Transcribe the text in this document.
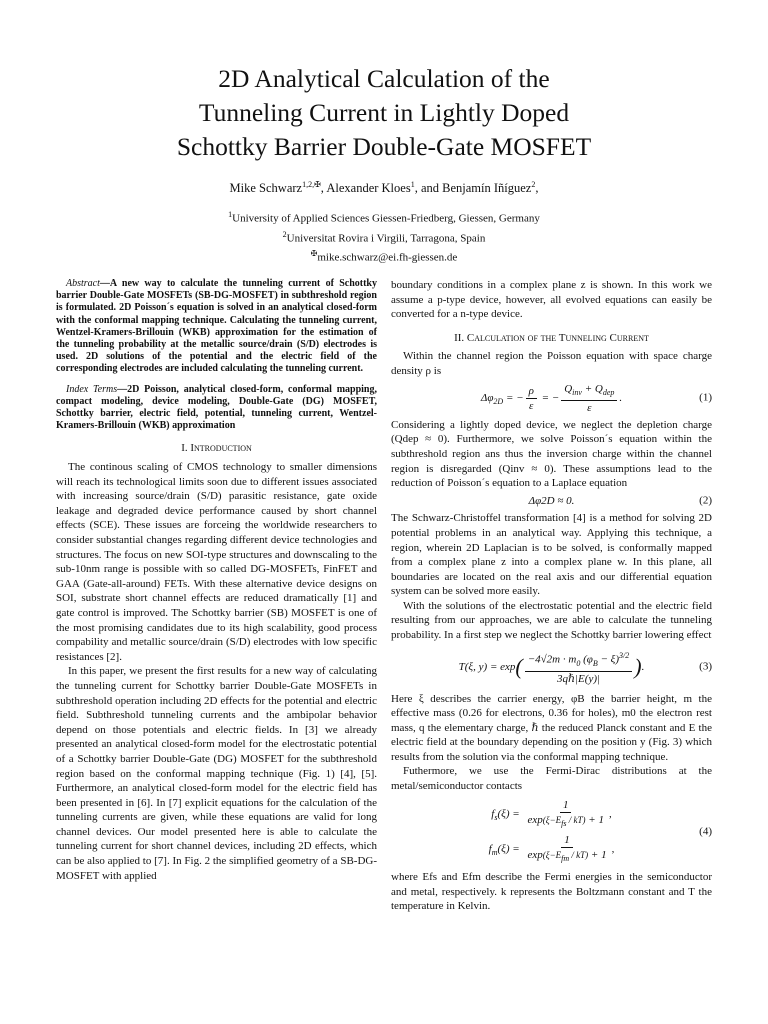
2D Analytical Calculation of the
Tunneling Current in Lightly Doped
Schottky Barrier Double-Gate MOSFET
Mike Schwarz$^{1,2,✠}$, Alexander Kloes$^1$, and Benjamín Iñíguez$^2$,
$^1$University of Applied Sciences Giessen-Friedberg, Giessen, Germany
$^2$Universitat Rovira i Virgili, Tarragona, Spain
✠mike.schwarz@ei.fh-giessen.de

Abstract—A new way to calculate the tunneling current of Schottky barrier Double-Gate MOSFETs (SB-DG-MOSFET) in subthreshold region is formulated. 2D Poisson´s equation is solved in an analytical closed-form with the conformal mapping technique. Calculating the tunneling current, Wentzel-Kramers-Brillouin (WKB) approximation for the estimation of the tunneling probability at the metallic source/drain (S/D) electrodes is used. 2D solutions of the potential and the electric field of the corresponding electrodes are included calculating the tunneling current.

Index Terms—2D Poisson, analytical closed-form, conformal mapping, compact modeling, device modeling, Double-Gate (DG) MOSFET, Schottky barrier, electric field, potential, tunneling current, Wentzel-Kramers-Brillouin (WKB) approximation

I. Introduction

The continous scaling of CMOS technology to smaller dimensions will reach its technological limits soon due to different issues associated with increasing source/drain (S/D) parasitic resistance, gate oxide leakage and degraded device performance caused by short channel effects (SCE). These issues are forceing the worldwide researchers to consider substantial changes regarding different device technologies and structures. The focus on new SOI-type structures and downscaling to the sub-10nm range is possible with so called DG-MOSFETs, FinFET and GAA (Gate-all-around) FETs. With these alternative device designs on SOI, substrate short channel effects are reduced dramatically [1] and gate control is improved. The Schottky barrier (SB) MOSFET is one of the most promising candidates due to its high scalability, good process compability and metallic source/drain (S/D) electrodes with low specific resistances [2].

In this paper, we present the first results for a new way of calculating the tunneling current for Schottky barrier Double-Gate MOSFETs in subthreshold operation including 2D effects for the potential and electric field. Subthreshold tunneling currents and the ambipolar behavior depend on those potentials and electric fields. In [3] we already presented an analytical closed-form model for the electrostatic potential of a Schottky barrier Double-Gate (DG) MOSFET for the subthreshold region based on the conformal mapping technique (Fig. 1) [4], [5]. Furthermore, an analytical closed-form model for the electric field has been presented in [6]. In [7] explicit equations for the calculation of the tunneling currents are given, while these equations are valid for long channel devices. Our model presented here is able to calculate the tunneling current for short channel devices, including 2D effects, which can be also applied to [7]. In Fig. 2 the simplified geometry of a SB-DG-MOSFET with applied

boundary conditions in a complex plane z is shown. In this work we assume a p-type device, however, all evolved equations can easily be converted for a n-type device.

II. Calculation of the Tunneling Current

Within the channel region the Poisson equation with space charge density ρ is

$\Delta\varphi_{2D}$ = − $\frac{\rho}{\varepsilon}$ = − $\frac{Q_{inv} + Q_{dep}}{\varepsilon}$ .	(1)

Considering a lightly doped device, we neglect the depletion charge (Qdep ≈ 0). Furthermore, we solve Poisson´s equation within the subthreshold region ans thus the inversion charge within the channel region is disregarded (Qinv ≈ 0). These assumptions lead to the reduction of Poisson´s equation to a Laplace equation

Δφ2D ≈ 0.	(2)

The Schwarz-Christoffel transformation [4] is a method for solving 2D potential problems in an analytical way. Applying this technique, a region, wherein 2D Laplacian is to be solved, is conformally mapped from a complex plane z into a complex plane w. In this plane, all boundaries are located on the real axis and our differential equation system can be solved more easily.

With the solutions of the electrostatic potential and the electric field resulting from our approaches, we are able to calculate the tunneling probability. In a first step we neglect the Schottky barrier lowering effect

T(ξ, $y) = \exp( \frac{-4√2m \cdot m_0 (\varphi_B - \xi)^{3/2}}{\text{3qℏ|E(y)|}}$ ).	(3)

Here ξ describes the carrier energy, φB the barrier height, m the effective mass (0.26 for electrons, 0.36 for holes), m0 the electron rest mass, q the elementary charge, ℏ the reduced Planck constant and E the electric field at the boundary depending on the position y (Fig. 3) which results from the solution via the conformal mapping technique.

Futhermore, we use the Fermi-Dirac distributions at the metal/semiconductor contacts

$f_s(\xi) = \frac{1}{\exp(\xi-E_{fs} / kT) + 1}$ ,
$f_m(\xi) = \frac{1}{\exp(\xi-E_{fm} / kT) + 1}$ ,
(4)

where Efs and Efm describe the Fermi energies in the semiconductor and metal, respectively. k represents the Boltzmann constant and T the temperature in Kelvin.
